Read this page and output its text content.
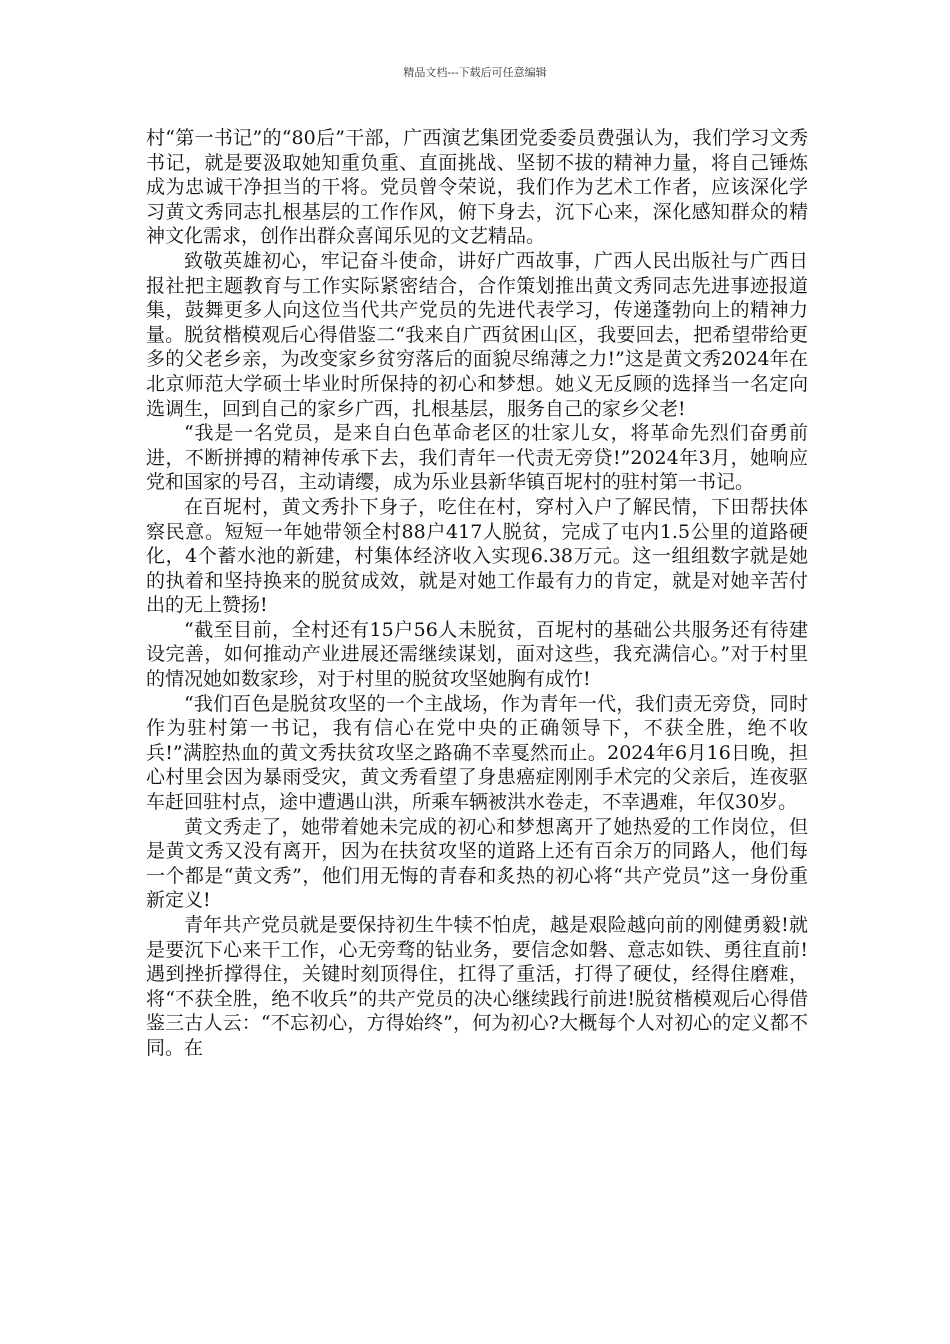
精品文档---下载后可任意编辑

村“第一书记”的“80后”干部，广西演艺集团党委委员费强认为，我们学习文秀书记，就是要汲取她知重负重、直面挑战、坚韧不拔的精神力量，将自己锤炼成为忠诚干净担当的干将。党员曾令荣说，我们作为艺术工作者，应该深化学习黄文秀同志扎根基层的工作作风，俯下身去，沉下心来，深化感知群众的精神文化需求，创作出群众喜闻乐见的文艺精品。

致敬英雄初心，牢记奋斗使命，讲好广西故事，广西人民出版社与广西日报社把主题教育与工作实际紧密结合，合作策划推出黄文秀同志先进事迹报道集，鼓舞更多人向这位当代共产党员的先进代表学习，传递蓬勃向上的精神力量。脱贫楷模观后心得借鉴二“我来自广西贫困山区，我要回去，把希望带给更多的父老乡亲，为改变家乡贫穷落后的面貌尽绵薄之力!”这是黄文秀2024年在北京师范大学硕士毕业时所保持的初心和梦想。她义无反顾的选择当一名定向选调生，回到自己的家乡广西，扎根基层，服务自己的家乡父老!

“我是一名党员，是来自白色革命老区的壮家儿女，将革命先烈们奋勇前进，不断拼搏的精神传承下去，我们青年一代责无旁贷!”2024年3月，她响应党和国家的号召，主动请缨，成为乐业县新华镇百坭村的驻村第一书记。

在百坭村，黄文秀扑下身子，吃住在村，穿村入户了解民情，下田帮扶体察民意。短短一年她带领全村88户417人脱贫，完成了屯内1.5公里的道路硬化，4个蓄水池的新建，村集体经济收入实现6.38万元。这一组组数字就是她的执着和坚持换来的脱贫成效，就是对她工作最有力的肯定，就是对她辛苦付出的无上赞扬!

“截至目前，全村还有15户56人未脱贫，百坭村的基础公共服务还有待建设完善，如何推动产业进展还需继续谋划，面对这些，我充满信心。”对于村里的情况她如数家珍，对于村里的脱贫攻坚她胸有成竹!

“我们百色是脱贫攻坚的一个主战场，作为青年一代，我们责无旁贷，同时作为驻村第一书记，我有信心在党中央的正确领导下，不获全胜，绝不收兵!”满腔热血的黄文秀扶贫攻坚之路确不幸戛然而止。2024年6月16日晚，担心村里会因为暴雨受灾，黄文秀看望了身患癌症刚刚手术完的父亲后，连夜驱车赶回驻村点，途中遭遇山洪，所乘车辆被洪水卷走，不幸遇难，年仅30岁。

黄文秀走了，她带着她未完成的初心和梦想离开了她热爱的工作岗位，但是黄文秀又没有离开，因为在扶贫攻坚的道路上还有百余万的同路人，他们每一个都是“黄文秀”，他们用无悔的青春和炙热的初心将“共产党员”这一身份重新定义!

青年共产党员就是要保持初生牛犊不怕虎，越是艰险越向前的刚健勇毅!就是要沉下心来干工作，心无旁骛的钻业务，要信念如磐、意志如铁、勇往直前!遇到挫折撑得住，关键时刻顶得住，扛得了重活，打得了硬仗，经得住磨难，将“不获全胜，绝不收兵”的共产党员的决心继续践行前进!脱贫楷模观后心得借鉴三古人云：“不忘初心，方得始终”，何为初心?大概每个人对初心的定义都不同。在
